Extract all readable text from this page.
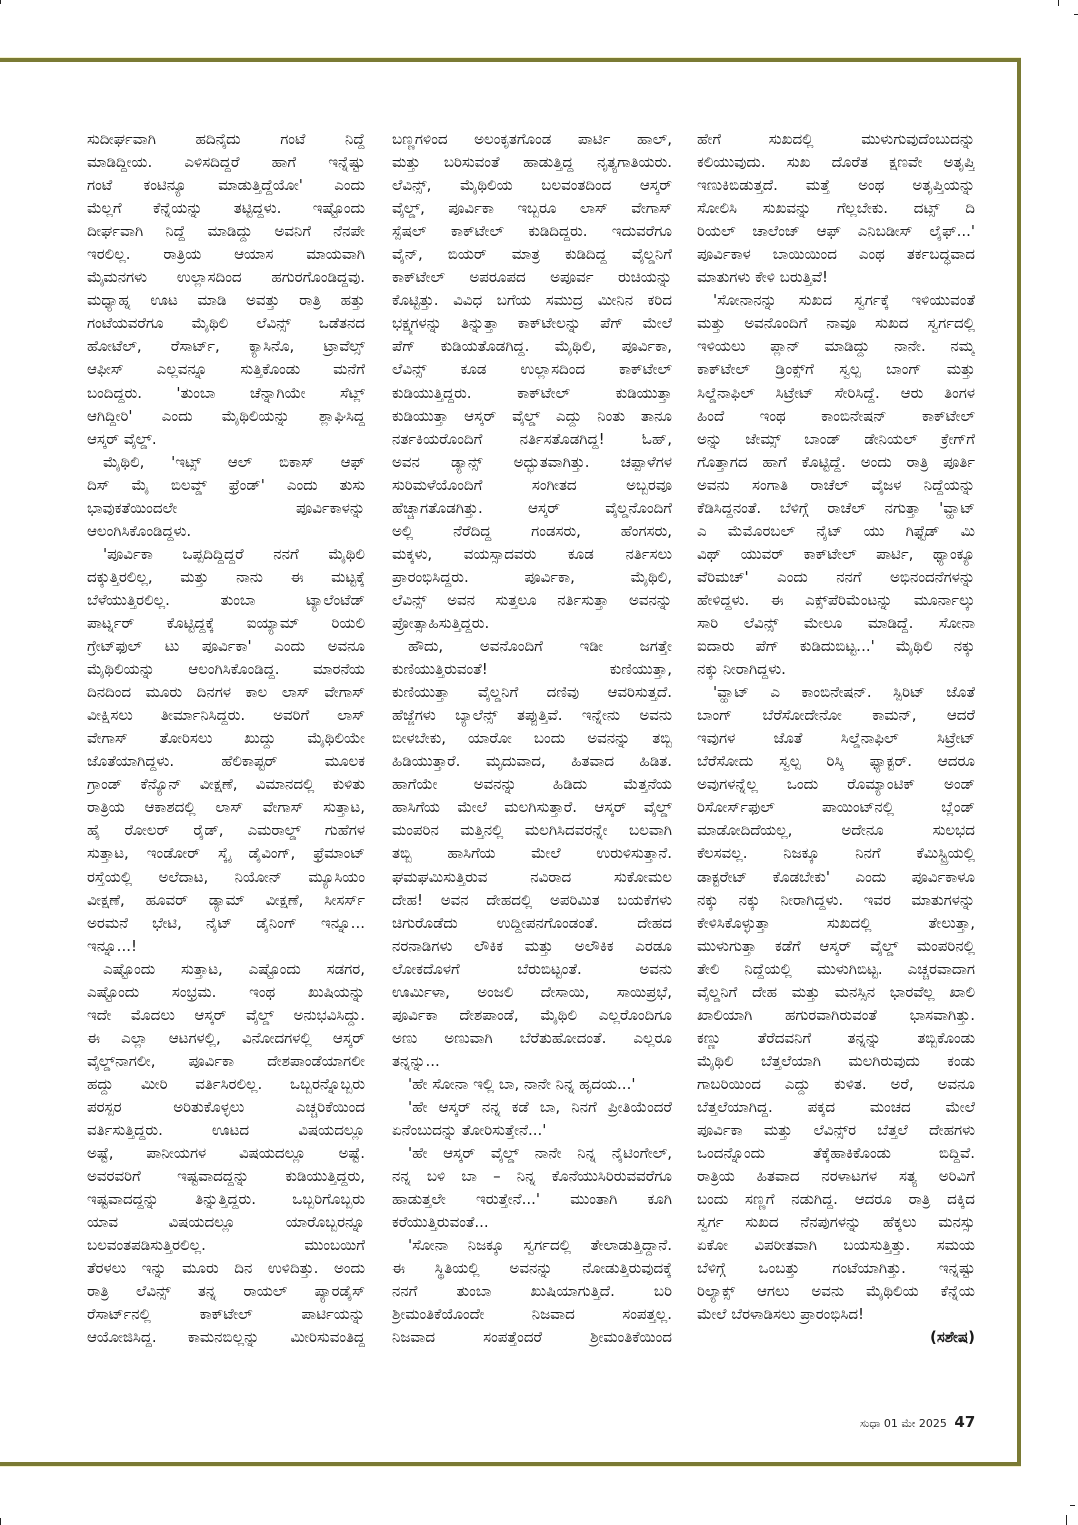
ಸುದೀರ್ಘವಾಗಿ ಹದಿನೈದು ಗಂಟೆ ನಿದ್ದೆ
ಮಾಡಿದ್ದೀಯ. ಎಳಿಸದಿದ್ದರೆ ಹಾಗೆ ಇನ್ನೆಷ್ಟು
ಗಂಟೆ ಕಂಟಿನ್ಯೂ ಮಾಡುತ್ತಿದ್ದೆಯೋ' ಎಂದು
ಮೆಲ್ಲಗೆ ಕೆನ್ನೆಯನ್ನು ತಟ್ಟಿದ್ದಳು. ಇಷ್ಟೊಂದು
ದೀರ್ಘವಾಗಿ ನಿದ್ದೆ ಮಾಡಿದ್ದು ಅವನಿಗೆ ನೆನಪೇ
ಇರಲಿಲ್ಲ. ರಾತ್ರಿಯ ಆಯಾಸ ಮಾಯವಾಗಿ
ಮೈಮನಗಳು ಉಲ್ಲಾಸದಿಂದ ಹಗುರಗೊಂಡಿದ್ದವು.
ಮಧ್ಯಾಹ್ನ ಊಟ ಮಾಡಿ ಅವತ್ತು ರಾತ್ರಿ ಹತ್ತು
ಗಂಟೆಯವರೆಗೂ ಮೈಥಿಲಿ ಲೆವಿನ್ಸ್ ಒಡೆತನದ
ಹೋಟೆಲ್, ರೆಸಾರ್ಟ್, ಕ್ಯಾಸಿನೊ, ಟ್ರಾವೆಲ್ಸ್
ಆಫೀಸ್ ಎಲ್ಲವನ್ನೂ ಸುತ್ತಿಕೊಂಡು ಮನೆಗೆ
ಬಂದಿದ್ದರು. 'ತುಂಬಾ ಚೆನ್ನಾಗಿಯೇ ಸೆಟ್ಲ್
ಆಗಿದ್ದೀರಿ' ಎಂದು ಮೈಥಿಲಿಯನ್ನು ಶ್ಲಾಘಿಸಿದ್ದ
ಆಸ್ಕರ್ ವೈಲ್ಡ್.
ಮೈಥಿಲಿ, 'ಇಟ್ಸ್ ಆಲ್ ಬಿಕಾಸ್ ಆಫ್
ದಿಸ್ ಮೈ ಬಿಲವ್ಡ್ ಫ್ರೆಂಡ್' ಎಂದು ತುಸು
ಭಾವುಕತೆಯಿಂದಲೇ ಪೂರ್ವಿಕಾಳನ್ನು
ಆಲಂಗಿಸಿಕೊಂಡಿದ್ದಳು.
'ಪೂರ್ವಿಕಾ ಒಪ್ಪದಿದ್ದಿದ್ದರೆ ನನಗೆ ಮೈಥಿಲಿ
ದಕ್ಕುತ್ತಿರಲಿಲ್ಲ, ಮತ್ತು ನಾನು ಈ ಮಟ್ಟಕ್ಕೆ
ಬೆಳೆಯುತ್ತಿರಲಿಲ್ಲ. ತುಂಬಾ ಟ್ಯಾಲೆಂಟೆಡ್
ಪಾರ್ಟ್ನರ್ ಕೊಟ್ಟಿದ್ದಕ್ಕೆ ಐಯ್ಯಾಮ್ ರಿಯಲಿ
ಗ್ರೇಟ್‌ಫುಲ್ ಟು ಪೂರ್ವಿಕಾ' ಎಂದು ಅವನೂ
ಮೈಥಿಲಿಯನ್ನು ಆಲಂಗಿಸಿಕೊಂಡಿದ್ದ. ಮಾರನೆಯ
ದಿನದಿಂದ ಮೂರು ದಿನಗಳ ಕಾಲ ಲಾಸ್ ವೇಗಾಸ್
ವೀಕ್ಷಿಸಲು ತೀರ್ಮಾನಿಸಿದ್ದರು. ಅವರಿಗೆ ಲಾಸ್
ವೇಗಾಸ್ ತೋರಿಸಲು ಖುದ್ದು ಮೈಥಿಲಿಯೇ
ಜೊತೆಯಾಗಿದ್ದಳು. ಹೆಲಿಕಾಪ್ಟರ್ ಮೂಲಕ
ಗ್ರಾಂಡ್ ಕೆನ್ಯೊನ್ ವೀಕ್ಷಣೆ, ವಿಮಾನದಲ್ಲಿ ಕುಳಿತು
ರಾತ್ರಿಯ ಆಕಾಶದಲ್ಲಿ ಲಾಸ್ ವೇಗಾಸ್ ಸುತ್ತಾಟ,
ಹೈ ರೋಲರ್ ರೈಡ್, ಎಮರಾಲ್ಡ್ ಗುಹೆಗಳ
ಸುತ್ತಾಟ, ಇಂಡೋರ್ ಸ್ಕೈ ಡೈವಿಂಗ್, ಫ್ರೆಮಾಂಟ್
ರಸ್ತೆಯಲ್ಲಿ ಅಲೆದಾಟ, ನಿಯೋನ್ ಮ್ಯೂಸಿಯಂ
ವೀಕ್ಷಣೆ, ಹೂವರ್ ಡ್ಯಾಮ್ ವೀಕ್ಷಣೆ, ಸೀಸರ್ಸ್
ಅರಮನೆ ಭೇಟಿ, ನೈಟ್ ಡೈನಿಂಗ್ ಇನ್ನೂ...
ಇನ್ನೂ...!
ಎಷ್ಟೊಂದು ಸುತ್ತಾಟ, ಎಷ್ಟೊಂದು ಸಡಗರ,
ಎಷ್ಟೊಂದು ಸಂಭ್ರಮ. ಇಂಥ ಖುಷಿಯನ್ನು
ಇದೇ ಮೊದಲು ಆಸ್ಕರ್ ವೈಲ್ಡ್ ಅನುಭವಿಸಿದ್ದು.
ಈ ಎಲ್ಲಾ ಆಟಗಳಲ್ಲಿ, ವಿನೋದಗಳಲ್ಲಿ ಆಸ್ಕರ್
ವೈಲ್ಡ್‌ನಾಗಲೀ, ಪೂರ್ವಿಕಾ ದೇಶಪಾಂಡೆಯಾಗಲೀ
ಹದ್ದು ಮೀರಿ ವರ್ತಿಸಿರಲಿಲ್ಲ. ಒಬ್ಬರನ್ನೊಬ್ಬರು
ಪರಸ್ಪರ ಅರಿತುಕೊಳ್ಳಲು ಎಚ್ಚರಿಕೆಯಿಂದ
ವರ್ತಿಸುತ್ತಿದ್ದರು. ಊಟದ ವಿಷಯದಲ್ಲೂ
ಅಷ್ಟೆ, ಪಾನೀಯಗಳ ವಿಷಯದಲ್ಲೂ ಅಷ್ಟೆ.
ಅವರವರಿಗೆ ಇಷ್ಟವಾದದ್ದನ್ನು ಕುಡಿಯುತ್ತಿದ್ದರು,
ಇಷ್ಟವಾದದ್ದನ್ನು ತಿನ್ನುತ್ತಿದ್ದರು. ಒಬ್ಬರಿಗೊಬ್ಬರು
ಯಾವ ವಿಷಯದಲ್ಲೂ ಯಾರೊಬ್ಬರನ್ನೂ
ಬಲವಂತಪಡಿಸುತ್ತಿರಲಿಲ್ಲ. ಮುಂಬಯಿಗೆ
ತೆರಳಲು ಇನ್ನು ಮೂರು ದಿನ ಉಳಿದಿತ್ತು. ಅಂದು
ರಾತ್ರಿ ಲೆವಿನ್ಸ್ ತನ್ನ ರಾಯಲ್ ಪ್ಯಾರಡೈಸ್
ರೆಸಾರ್ಟ್‌ನಲ್ಲಿ ಕಾಕ್‌ಟೇಲ್ ಪಾರ್ಟಿಯನ್ನು
ಆಯೋಜಿಸಿದ್ದ. ಕಾಮನಬಿಲ್ಲನ್ನು ಮೀರಿಸುವಂತಿದ್ದ
ಬಣ್ಣಗಳಿಂದ ಅಲಂಕೃತಗೊಂಡ ಪಾರ್ಟಿ ಹಾಲ್,
ಮತ್ತು ಬರಿಸುವಂತೆ ಹಾಡುತ್ತಿದ್ದ ನೃತ್ಯಗಾತಿಯರು.
ಲೆವಿನ್ಸ್, ಮೈಥಿಲಿಯ ಬಲವಂತದಿಂದ ಆಸ್ಕರ್
ವೈಲ್ಡ್, ಪೂರ್ವಿಕಾ ಇಬ್ಬರೂ ಲಾಸ್ ವೇಗಾಸ್
ಸ್ಪೆಷಲ್ ಕಾಕ್‌ಟೇಲ್ ಕುಡಿದಿದ್ದರು. ಇದುವರೆಗೂ
ವೈನ್, ಬಿಯರ್ ಮಾತ್ರ ಕುಡಿದಿದ್ದ ವೈಲ್ಡನಿಗೆ
ಕಾಕ್‌ಟೇಲ್ ಅಪರೂಪದ ಅಪೂರ್ವ ರುಚಿಯನ್ನು
ಕೊಟ್ಟಿತ್ತು. ವಿವಿಧ ಬಗೆಯ ಸಮುದ್ರ ಮೀನಿನ ಕರಿದ
ಭಕ್ಷ್ಯಗಳನ್ನು ತಿನ್ನುತ್ತಾ ಕಾಕ್‌ಟೇಲನ್ನು ಪೆಗ್ ಮೇಲೆ
ಪೆಗ್ ಕುಡಿಯತೊಡಗಿದ್ದ. ಮೈಥಿಲಿ, ಪೂರ್ವಿಕಾ,
ಲೆವಿನ್ಸ್ ಕೂಡ ಉಲ್ಲಾಸದಿಂದ ಕಾಕ್‌ಟೇಲ್
ಕುಡಿಯುತ್ತಿದ್ದರು. ಕಾಕ್‌ಟೇಲ್ ಕುಡಿಯುತ್ತಾ
ಕುಡಿಯುತ್ತಾ ಆಸ್ಕರ್ ವೈಲ್ಡ್ ಎದ್ದು ನಿಂತು ತಾನೂ
ನರ್ತಕಿಯರೊಂದಿಗೆ ನರ್ತಿಸತೊಡಗಿದ್ದ! ಓಹ್,
ಅವನ ಡ್ಯಾನ್ಸ್ ಅದ್ಭುತವಾಗಿತ್ತು. ಚಪ್ಪಾಳೆಗಳ
ಸುರಿಮಳೆಯೊಂದಿಗೆ ಸಂಗೀತದ ಅಬ್ಬರವೂ
ಹೆಚ್ಚಾಗತೊಡಗಿತ್ತು. ಆಸ್ಕರ್ ವೈಲ್ಡನೊಂದಿಗೆ
ಅಲ್ಲಿ ನೆರೆದಿದ್ದ ಗಂಡಸರು, ಹೆಂಗಸರು,
ಮಕ್ಕಳು, ವಯಸ್ಸಾದವರು ಕೂಡ ನರ್ತಿಸಲು
ಪ್ರಾರಂಭಿಸಿದ್ದರು. ಪೂರ್ವಿಕಾ, ಮೈಥಿಲಿ,
ಲೆವಿನ್ಸ್ ಅವನ ಸುತ್ತಲೂ ನರ್ತಿಸುತ್ತಾ ಅವನನ್ನು
ಪ್ರೋತ್ಸಾಹಿಸುತ್ತಿದ್ದರು.
ಹೌದು, ಅವನೊಂದಿಗೆ ಇಡೀ ಜಗತ್ತೇ
ಕುಣಿಯುತ್ತಿರುವಂತೆ! ಕುಣಿಯುತ್ತಾ,
ಕುಣಿಯುತ್ತಾ ವೈಲ್ಡನಿಗೆ ದಣಿವು ಆವರಿಸುತ್ತದೆ.
ಹೆಜ್ಜೆಗಳು ಬ್ಯಾಲೆನ್ಸ್ ತಪ್ಪುತ್ತಿವೆ. ಇನ್ನೇನು ಅವನು
ಬೀಳಬೇಕು, ಯಾರೋ ಬಂದು ಅವನನ್ನು ತಬ್ಬಿ
ಹಿಡಿಯುತ್ತಾರೆ. ಮೃದುವಾದ, ಹಿತವಾದ ಹಿಡಿತ.
ಹಾಗೆಯೇ ಅವನನ್ನು ಹಿಡಿದು ಮೆತ್ತನೆಯ
ಹಾಸಿಗೆಯ ಮೇಲೆ ಮಲಗಿಸುತ್ತಾರೆ. ಆಸ್ಕರ್ ವೈಲ್ಡ್
ಮಂಪರಿನ ಮತ್ತಿನಲ್ಲಿ ಮಲಗಿಸಿದವರನ್ನೇ ಬಲವಾಗಿ
ತಬ್ಬಿ ಹಾಸಿಗೆಯ ಮೇಲೆ ಉರುಳಿಸುತ್ತಾನೆ.
ಘಮಘಮಿಸುತ್ತಿರುವ ನವಿರಾದ ಸುಕೋಮಲ
ದೇಹ! ಅವನ ದೇಹದಲ್ಲಿ ಅಪರಿಮಿತ ಬಯಕೆಗಳು
ಚಿಗುರೊಡೆದು ಉದ್ದೀಪನಗೊಂಡಂತೆ. ದೇಹದ
ನರನಾಡಿಗಳು ಲೌಕಿಕ ಮತ್ತು ಅಲೌಕಿಕ ಎರಡೂ
ಲೋಕದೊಳಗೆ ಬೆರುಬಿಟ್ಟಂತೆ. ಅವನು
ಊರ್ಮಿಳಾ, ಅಂಜಲಿ ದೇಸಾಯಿ, ಸಾಯಿಪ್ರಭೆ,
ಪೂರ್ವಿಕಾ ದೇಶಪಾಂಡೆ, ಮೈಥಿಲಿ ಎಲ್ಲರೊಂದಿಗೂ
ಅಣು ಅಣುವಾಗಿ ಬೆರೆತುಹೋದಂತೆ. ಎಲ್ಲರೂ
ತನ್ನನ್ನು...
'ಹೇ ಸೋನಾ ಇಲ್ಲಿ ಬಾ, ನಾನೇ ನಿನ್ನ ಹೃದಯ...'
'ಹೇ ಆಸ್ಕರ್ ನನ್ನ ಕಡೆ ಬಾ, ನಿನಗೆ ಪ್ರೀತಿಯೆಂದರೆ
ಏನೆಂಬುದನ್ನು ತೋರಿಸುತ್ತೇನೆ...'
'ಹೇ ಆಸ್ಕರ್ ವೈಲ್ಡ್ ನಾನೇ ನಿನ್ನ ನೈಟಿಂಗೇಲ್,
ನನ್ನ ಬಳಿ ಬಾ – ನಿನ್ನ ಕೊನೆಯುಸಿರಿರುವವರೆಗೂ
ಹಾಡುತ್ತಲೇ ಇರುತ್ತೇನೆ...' ಮುಂತಾಗಿ ಕೂಗಿ
ಕರೆಯುತ್ತಿರುವಂತೆ...
'ಸೋನಾ ನಿಜಕ್ಕೂ ಸ್ವರ್ಗದಲ್ಲಿ ತೇಲಾಡುತ್ತಿದ್ದಾನೆ.
ಈ ಸ್ಥಿತಿಯಲ್ಲಿ ಅವನನ್ನು ನೋಡುತ್ತಿರುವುದಕ್ಕೆ
ನನಗೆ ತುಂಬಾ ಖುಷಿಯಾಗುತ್ತಿದೆ. ಬರಿ
ಶ್ರೀಮಂತಿಕೆಯೊಂದೇ ನಿಜವಾದ ಸಂಪತ್ತಲ್ಲ.
ನಿಜವಾದ ಸಂಪತ್ತೆಂದರೆ ಶ್ರೀಮಂತಿಕೆಯಿಂದ
ಹೇಗೆ ಸುಖದಲ್ಲಿ ಮುಳುಗುವುದೆಂಬುದನ್ನು
ಕಲಿಯುವುದು. ಸುಖ ದೊರೆತ ಕ್ಷಣವೇ ಅತೃಪ್ತಿ
ಇಣುಕಿಬಿಡುತ್ತದೆ. ಮತ್ತೆ ಅಂಥ ಅತೃಪ್ತಿಯನ್ನು
ಸೋಲಿಸಿ ಸುಖವನ್ನು ಗೆಲ್ಲಬೇಕು. ದಟ್ಸ್ ದಿ
ರಿಯಲ್ ಚಾಲೆಂಜ್ ಆಫ್ ಎನಿಬಡೀಸ್ ಲೈಫ್...'
ಪೂರ್ವಿಕಾಳ ಬಾಯಿಯಿಂದ ಎಂಥ ತರ್ಕಬದ್ಧವಾದ
ಮಾತುಗಳು ಕೇಳಿ ಬರುತ್ತಿವೆ!
'ಸೋನಾನನ್ನು ಸುಖದ ಸ್ವರ್ಗಕ್ಕೆ ಇಳಿಯುವಂತೆ
ಮತ್ತು ಅವನೊಂದಿಗೆ ನಾವೂ ಸುಖದ ಸ್ವರ್ಗದಲ್ಲಿ
ಇಳಿಯಲು ಪ್ಲಾನ್ ಮಾಡಿದ್ದು ನಾನೇ. ನಮ್ಮ
ಕಾಕ್‌ಟೇಲ್ ಡ್ರಿಂಕ್ಸ್‌ಗೆ ಸ್ವಲ್ಪ ಬಾಂಗ್ ಮತ್ತು
ಸಿಲ್ಡೆನಾಫಿಲ್ ಸಿಟ್ರೇಟ್ ಸೇರಿಸಿದ್ದೆ. ಆರು ತಿಂಗಳ
ಹಿಂದೆ ಇಂಥ ಕಾಂಬಿನೇಷನ್ ಕಾಕ್‌ಟೇಲ್
ಅನ್ನು ಜೇಮ್ಸ್ ಬಾಂಡ್ ಡೇನಿಯಲ್ ಕ್ರೇಗ್‌ಗೆ
ಗೊತ್ತಾಗದ ಹಾಗೆ ಕೊಟ್ಟಿದ್ದೆ. ಅಂದು ರಾತ್ರಿ ಪೂರ್ತಿ
ಅವನು ಸಂಗಾತಿ ರಾಚೆಲ್ ವೈಜಳ ನಿದ್ದೆಯನ್ನು
ಕೆಡಿಸಿದ್ದನಂತೆ. ಬೆಳಿಗ್ಗೆ ರಾಚೆಲ್ ನಗುತ್ತಾ 'ವ್ಹಾಟ್
ಎ ಮೆಮೊರಬಲ್ ನೈಟ್ ಯು ಗಿಫ್ಟೆಡ್ ಮಿ
ವಿಥ್ ಯುವರ್ ಕಾಕ್‌ಟೇಲ್ ಪಾರ್ಟಿ, ಥ್ಯಾಂಕ್ಯೂ
ವೆರಿಮಚ್' ಎಂದು ನನಗೆ ಅಭಿನಂದನೆಗಳನ್ನು
ಹೇಳಿದ್ದಳು. ಈ ಎಕ್ಸ್‌ಪೆರಿಮೆಂಟನ್ನು ಮೂರ್ನಾಲ್ಕು
ಸಾರಿ ಲೆವಿನ್ಸ್ ಮೇಲೂ ಮಾಡಿದ್ದೆ. ಸೋನಾ
ಐದಾರು ಪೆಗ್ ಕುಡಿದುಬಿಟ್ಟ...' ಮೈಥಿಲಿ ನಕ್ಕು
ನಕ್ಕು ನೀರಾಗಿದ್ದಳು.
'ವ್ಹಾಟ್ ಎ ಕಾಂಬಿನೇಷನ್. ಸ್ಪಿರಿಟ್ ಜೊತೆ
ಬಾಂಗ್ ಬೆರೆಸೋದೇನೋ ಕಾಮನ್, ಆದರೆ
ಇವುಗಳ ಜೊತೆ ಸಿಲ್ಡೆನಾಫಿಲ್ ಸಿಟ್ರೇಟ್
ಬೆರೆಸೋದು ಸ್ವಲ್ಪ ರಿಸ್ಕಿ ಫ್ಯಾಕ್ಟರ್. ಆದರೂ
ಅವುಗಳನ್ನೆಲ್ಲ ಒಂದು ರೊಮ್ಯಾಂಟಿಕ್ ಅಂಡ್
ರಿಸೋರ್ಸ್‌ಫುಲ್ ಪಾಯಿಂಟ್‌ನಲ್ಲಿ ಬ್ಲೆಂಡ್
ಮಾಡೋದಿದೆಯಲ್ಲ, ಅದೇನೂ ಸುಲಭದ
ಕೆಲಸವಲ್ಲ. ನಿಜಕ್ಕೂ ನಿನಗೆ ಕೆಮಿಸ್ಟ್ರಿಯಲ್ಲಿ
ಡಾಕ್ಟರೇಟ್ ಕೊಡಬೇಕು' ಎಂದು ಪೂರ್ವಿಕಾಳೂ
ನಕ್ಕು ನಕ್ಕು ನೀರಾಗಿದ್ದಳು. ಇವರ ಮಾತುಗಳನ್ನು
ಕೇಳಿಸಿಕೊಳ್ಳುತ್ತಾ ಸುಖದಲ್ಲಿ ತೇಲುತ್ತಾ,
ಮುಳುಗುತ್ತಾ ಕಡೆಗೆ ಆಸ್ಕರ್ ವೈಲ್ಡ್ ಮಂಪರಿನಲ್ಲಿ
ತೇಲಿ ನಿದ್ದೆಯಲ್ಲಿ ಮುಳುಗಿಬಿಟ್ಟ. ಎಚ್ಚರವಾದಾಗ
ವೈಲ್ಡನಿಗೆ ದೇಹ ಮತ್ತು ಮನಸ್ಸಿನ ಭಾರವೆಲ್ಲ ಖಾಲಿ
ಖಾಲಿಯಾಗಿ ಹಗುರವಾಗಿರುವಂತೆ ಭಾಸವಾಗಿತ್ತು.
ಕಣ್ಣು ತೆರೆದವನಿಗೆ ತನ್ನನ್ನು ತಬ್ಬಿಕೊಂಡು
ಮೈಥಿಲಿ ಬೆತ್ತಲೆಯಾಗಿ ಮಲಗಿರುವುದು ಕಂಡು
ಗಾಬರಿಯಿಂದ ಎದ್ದು ಕುಳಿತ. ಅರೆ, ಅವನೂ
ಬೆತ್ತಲೆಯಾಗಿದ್ದ. ಪಕ್ಕದ ಮಂಚದ ಮೇಲೆ
ಪೂರ್ವಿಕಾ ಮತ್ತು ಲೆವಿನ್ಸ್‌ರ ಬೆತ್ತಲೆ ದೇಹಗಳು
ಒಂದನ್ನೊಂದು ತೆಕ್ಕೆಹಾಕಿಕೊಂಡು ಬಿದ್ದಿವೆ.
ರಾತ್ರಿಯ ಹಿತವಾದ ನರಳಾಟಗಳ ಸತ್ಯ ಅರಿವಿಗೆ
ಬಂದು ಸಣ್ಣಗೆ ನಡುಗಿದ್ದ. ಆದರೂ ರಾತ್ರಿ ದಕ್ಕಿದ
ಸ್ವರ್ಗ ಸುಖದ ನೆನಪುಗಳನ್ನು ಹೆಕ್ಕಲು ಮನಸ್ಸು
ಏಕೋ ವಿಪರೀತವಾಗಿ ಬಯಸುತ್ತಿತ್ತು. ಸಮಯ
ಬೆಳಿಗ್ಗೆ ಒಂಬತ್ತು ಗಂಟೆಯಾಗಿತ್ತು. ಇನ್ನಷ್ಟು
ರಿಲ್ಯಾಕ್ಸ್ ಆಗಲು ಅವನು ಮೈಥಿಲಿಯ ಕೆನ್ನೆಯ
ಮೇಲೆ ಬೆರಳಾಡಿಸಲು ಪ್ರಾರಂಭಿಸಿದ!
(ಸಶೇಷ)
ಸುಧಾ 01 ಮೇ 2025 47
